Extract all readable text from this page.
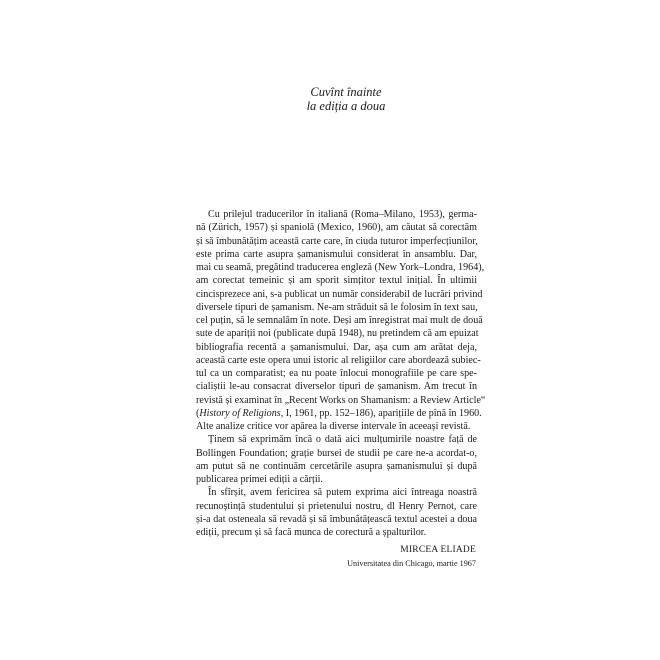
Cuvînt înainte
la ediția a doua
Cu prilejul traducerilor în italiană (Roma–Milano, 1953), germa-
nă (Zürich, 1957) și spaniolă (Mexico, 1960), am căutat să corectăm
și să îmbunătățim această carte care, în ciuda tuturor imperfecțiunilor,
este prima carte asupra șamanismului considerat în ansamblu. Dar,
mai cu seamă, pregătind traducerea engleză (New York–Londra, 1964),
am corectat temeinic și am sporit simțitor textul inițial. În ultimii
cincisprezece ani, s-a publicat un număr considerabil de lucrări privind
diversele tipuri de șamanism. Ne-am străduit să le folosim în text sau,
cel puțin, să le semnalăm în note. Deși am înregistrat mai mult de două
sute de apariții noi (publicate după 1948), nu pretindem că am epuizat
bibliografia recentă a șamanismului. Dar, așa cum am arătat deja,
această carte este opera unui istoric al religiilor care abordează subiec-
tul ca un comparatist; ea nu poate înlocui monografiile pe care spe-
cialiștii le-au consacrat diverselor tipuri de șamanism. Am trecut în
revistă și examinat în „Recent Works on Shamanism: a Review Article“
(History of Religions, I, 1961, pp. 152–186), aparițiile de pînă în 1960.
Alte analize critice vor apărea la diverse intervale în aceeași revistă.
Ținem să exprimăm încă o dată aici mulțumirile noastre față de
Bollingen Foundation; grație bursei de studii pe care ne-a acordat-o,
am putut să ne continuăm cercetările asupra șamanismului și după
publicarea primei ediții a cărții.
În sfîrșit, avem fericirea să putem exprima aici întreaga noastră
recunoștință studentului și prietenului nostru, dl Henry Pernot, care
și-a dat osteneala să revadă și să îmbunătățească textul acestei a doua
ediții, precum și să facă munca de corectură a șpalturilor.
MIRCEA ELIADE
Universitatea din Chicago, martie 1967
